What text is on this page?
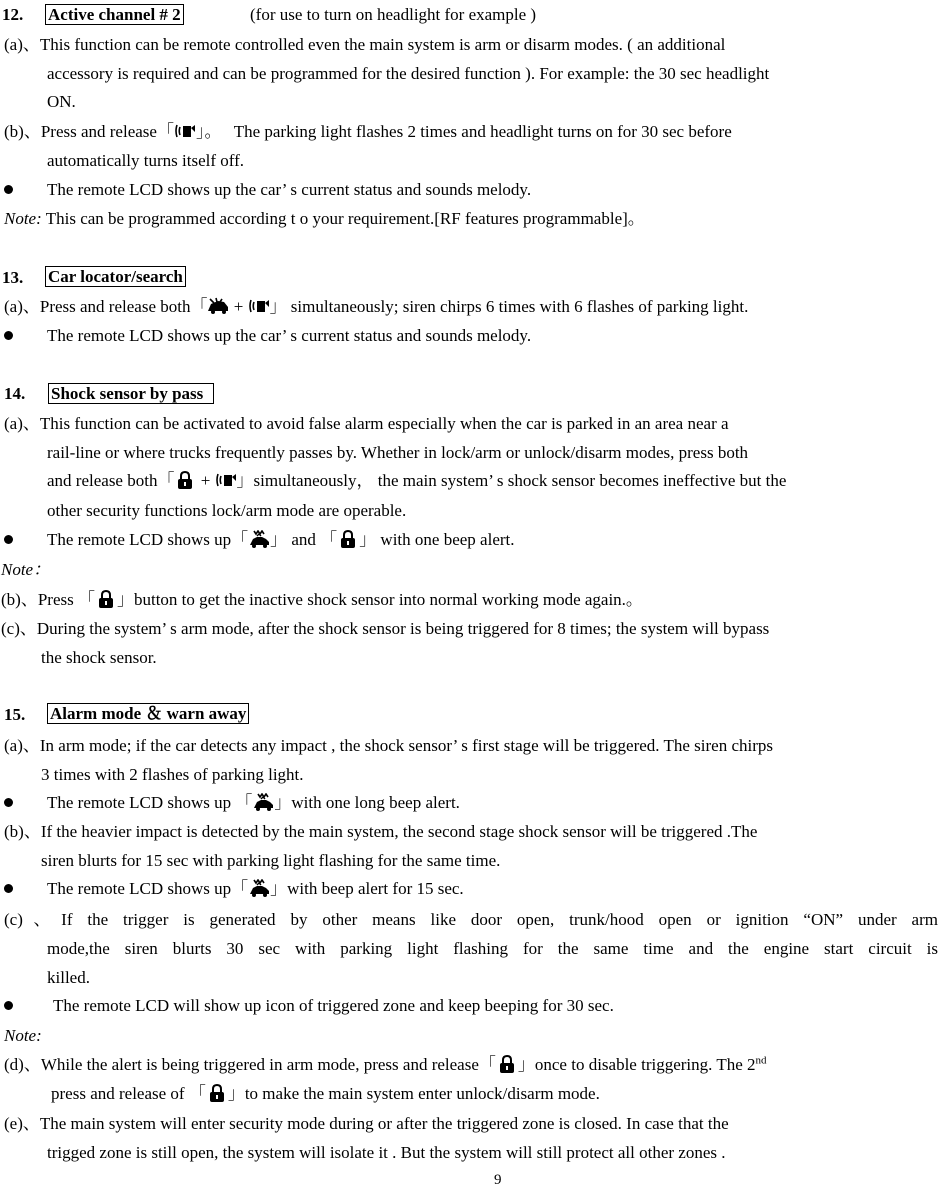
12. Active channel # 2	(for use to turn on headlight for example )
(a)、This function can be remote controlled even the main system is arm or disarm modes. ( an additional
accessory is required and can be programmed for the desired function ). For example: the 30 sec headlight
ON.
(b)、Press and release「 」。 The parking light flashes 2 times and headlight turns on for 30 sec before
automatically turns itself off.
The remote LCD shows up the car’ s current status and sounds melody.
Note: This can be programmed according t o your requirement.[RF features programmable]。
13. Car locator/search
(a)、Press and release both「 + 」 simultaneously; siren chirps 6 times with 6 flashes of parking light.
The remote LCD shows up the car’ s current status and sounds melody.
14. Shock sensor by pass
(a)、This function can be activated to avoid false alarm especially when the car is parked in an area near a
rail-line or where trucks frequently passes by. Whether in lock/arm or unlock/disarm modes, press both
and release both「 + 」simultaneously， the main system’ s shock sensor becomes ineffective but the
other security functions lock/arm mode are operable.
The remote LCD shows up「 」 and 「 」 with one beep alert.
Note：
(b)、Press 「 」button to get the inactive shock sensor into normal working mode again.。
(c)、During the system’ s arm mode, after the shock sensor is being triggered for 8 times; the system will bypass
the shock sensor.
15. Alarm mode ＆ warn away
(a)、In arm mode; if the car detects any impact , the shock sensor’ s first stage will be triggered. The siren chirps
3 times with 2 flashes of parking light.
The remote LCD shows up 「 」with one long beep alert.
(b)、If the heavier impact is detected by the main system, the second stage shock sensor will be triggered .The
siren blurts for 15 sec with parking light flashing for the same time.
The remote LCD shows up「 」with beep alert for 15 sec.
(c)、If the trigger is generated by other means like door open, trunk/hood open or ignition “ON” under arm
mode,the siren blurts 30 sec with parking light flashing for the same time and the engine start circuit is
killed.
The remote LCD will show up icon of triggered zone and keep beeping for 30 sec.
Note:
(d)、While the alert is being triggered in arm mode, press and release「 」once to disable triggering. The 2nd
press and release of 「 」to make the main system enter unlock/disarm mode.
(e)、The main system will enter security mode during or after the triggered zone is closed. In case that the
trigged zone is still open, the system will isolate it . But the system will still protect all other zones .
9
